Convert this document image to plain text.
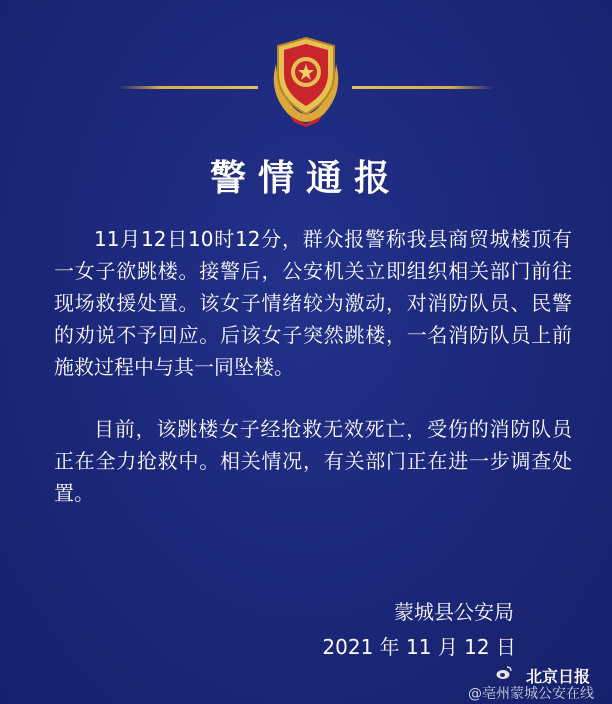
警情通报
11月12日10时12分，群众报警称我县商贸城楼顶有一女子欲跳楼。接警后，公安机关立即组织相关部门前往现场救援处置。该女子情绪较为激动，对消防队员、民警的劝说不予回应。后该女子突然跳楼，一名消防队员上前施救过程中与其一同坠楼。
目前，该跳楼女子经抢救无效死亡，受伤的消防队员正在全力抢救中。相关情况，有关部门正在进一步调查处置。
蒙城县公安局
2021 年 11 月 12 日
北京日报
@亳州蒙城公安在线
